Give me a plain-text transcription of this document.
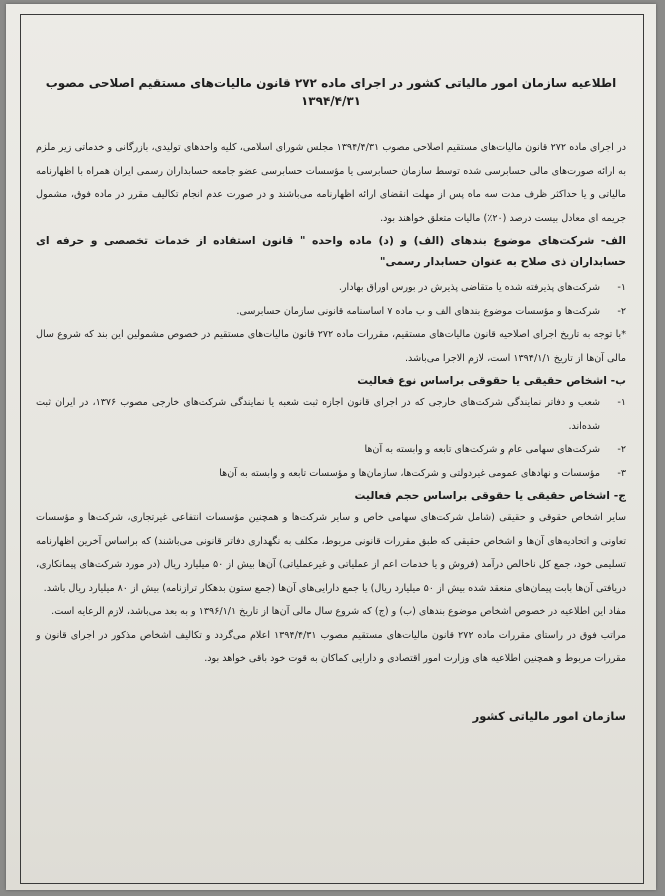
اطلاعیه سازمان امور مالیاتی کشور در اجرای ماده ۲۷۲ قانون مالیات‌های مستقیم اصلاحی مصوب ۱۳۹۴/۴/۳۱

در اجرای ماده ۲۷۲ قانون مالیات‌های مستقیم اصلاحی مصوب ۱۳۹۴/۴/۳۱ مجلس شورای اسلامی، کلیه واحدهای تولیدی، بازرگانی و خدماتی زیر ملزم به ارائه صورت‌های مالی حسابرسی شده توسط سازمان حسابرسی یا مؤسسات حسابرسی عضو جامعه حسابداران رسمی ایران همراه با اظهارنامه مالیاتی و یا حداکثر ظرف مدت سه ماه پس از مهلت انقضای ارائه اظهارنامه می‌باشند و در صورت عدم انجام تکالیف مقرر در ماده فوق، مشمول جریمه ای معادل بیست درصد (۲۰٪) مالیات متعلق خواهند بود.

الف- شرکت‌های موضوع بندهای (الف) و (د) ماده واحده " قانون استفاده از خدمات تخصصی و حرفه ای حسابداران ذی صلاح به عنوان حسابدار رسمی"

۱-
شرکت‌های پذیرفته شده یا متقاضی پذیرش در بورس اوراق بهادار.
۲-
شرکت‌ها و مؤسسات موضوع بندهای الف و ب ماده ۷ اساسنامه قانونی سازمان حسابرسی.

*با توجه به تاریخ اجرای اصلاحیه قانون مالیات‌های مستقیم، مقررات ماده ۲۷۲ قانون مالیات‌های مستقیم در خصوص مشمولین این بند که شروع سال مالی آن‌ها از تاریخ ۱۳۹۴/۱/۱ است، لازم الاجرا می‌باشد.

ب- اشخاص حقیقی یا حقوقی براساس نوع فعالیت

۱-
شعب و دفاتر نمایندگی شرکت‌های خارجی که در اجرای قانون اجازه ثبت شعبه یا نمایندگی شرکت‌های خارجی مصوب ۱۳۷۶، در ایران ثبت شده‌اند.
۲-
شرکت‌های سهامی عام و شرکت‌های تابعه و وابسته به آن‌ها
۳-
مؤسسات و نهادهای عمومی غیردولتی و شرکت‌ها، سازمان‌ها و مؤسسات تابعه و وابسته به آن‌ها

ج- اشخاص حقیقی یا حقوقی براساس حجم فعالیت

سایر اشخاص حقوقی و حقیقی (شامل شرکت‌های سهامی خاص و سایر شرکت‌ها و همچنین مؤسسات انتفاعی غیرتجاری، شرکت‌ها و مؤسسات تعاونی و اتحادیه‌های آن‌ها و اشخاص حقیقی که طبق مقررات قانونی مربوط، مکلف به نگهداری دفاتر قانونی می‌باشند) که براساس آخرین اظهارنامه تسلیمی خود، جمع کل ناخالص درآمد (فروش و یا خدمات اعم از عملیاتی و غیرعملیاتی) آن‌ها بیش از ۵۰ میلیارد ریال (در مورد شرکت‌های پیمانکاری، دریافتی آن‌ها بابت پیمان‌های منعقد شده بیش از ۵۰ میلیارد ریال) یا جمع دارایی‌های آن‌ها (جمع ستون بدهکار ترازنامه) بیش از ۸۰ میلیارد ریال باشد.

مفاد این اطلاعیه در خصوص اشخاص موضوع بندهای (ب) و (ج) که شروع سال مالی آن‌ها از تاریخ ۱۳۹۶/۱/۱ و به بعد می‌باشد، لازم الرعایه است.

مراتب فوق در راستای مقررات ماده ۲۷۲ قانون مالیات‌های مستقیم مصوب ۱۳۹۴/۴/۳۱ اعلام می‌گردد و تکالیف اشخاص مذکور در اجرای قانون و مقررات مربوط و همچنین اطلاعیه های وزارت امور اقتصادی و دارایی کماکان به قوت خود باقی خواهد بود.

سازمان امور مالیاتی کشور
